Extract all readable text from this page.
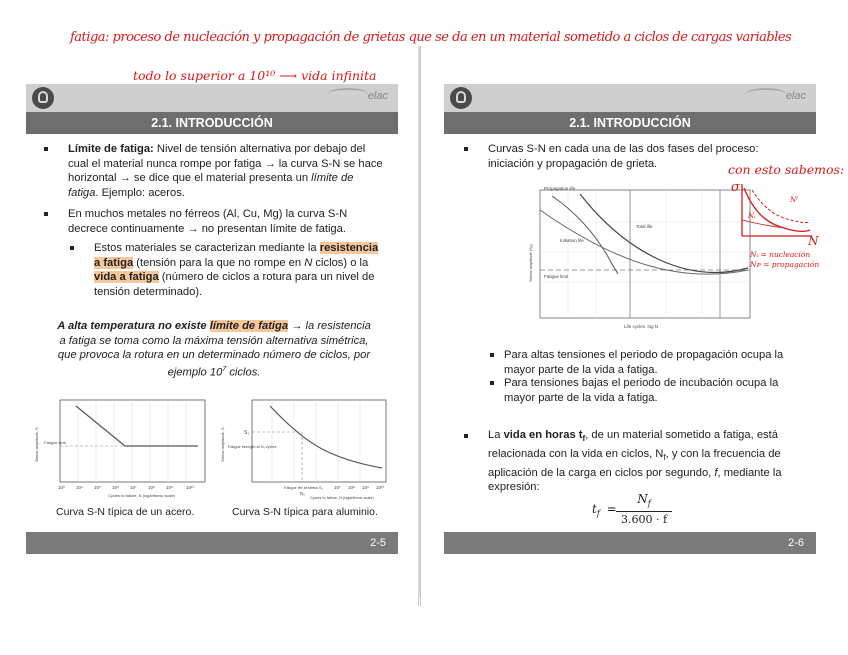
fatiga: proceso de nucleación y propagación de grietas que se da en un material sometido a ciclos de cargas variables
todo lo superior a 10¹⁰ ⟶ vida infinita
elac
2.1. INTRODUCCIÓN
Límite de fatiga: Nivel de tensión alternativa por debajo del cual el material nunca rompe por fatiga → la curva S-N se hace horizontal → se dice que el material presenta un límite de fatiga. Ejemplo: aceros.
En muchos metales no férreos (Al, Cu, Mg) la curva S-N decrece continuamente → no presentan límite de fatiga.
Estos materiales se caracterizan mediante la resistencia a fatiga (tensión para la que no rompe en N ciclos) o la vida a fatiga (número de ciclos a rotura para un nivel de tensión determinado).
A alta temperatura no existe límite de fatiga → la resistencia a fatiga se toma como la máxima tensión alternativa simétrica, que provoca la rotura en un determinado número de ciclos, por ejemplo $10^7$ ciclos.
Stress amplitude, S Fatigue limit
10³	10⁴ 10⁵ 10⁶ 10⁷	10⁸ 10⁹	10¹⁰
Cycles to failure, N (logarithmic scale)
Stress amplitude, S	S₁
Fatigue strength at N₁ cycles
Fatigue life at stress S₁ 10⁷ 10⁸ 10⁹ 10¹⁰
N₁
Cycles to failure, N (logarithmic scale)
Curva S-N típica de un acero.	Curva S-N típica para aluminio.
2-5
elac
2.1. INTRODUCCIÓN
Curvas S-N en cada una de las dos fases del proceso: iniciación y propagación de grieta.
Propagation life
Total life
Initiation life
Fatigue limit
Stress amplitude (Sₐ)
Life cycles, log N
con esto sabemos:
σ
Nᶠ
Nᵢ
N
Nᵢ = nucleación
Nᴩ = propagación
Para altas tensiones el periodo de propagación ocupa la mayor parte de la vida a fatiga.
Para tensiones bajas el periodo de incubación ocupa la mayor parte de la vida a fatiga.
La vida en horas $t_f$, de un material sometido a fatiga, está relacionada con la vida en ciclos, $N_f$, y con la frecuencia de aplicación de la carga en ciclos por segundo, f, mediante la expresión:
$t_f$ =
$N_f$
3.600 · f
2-6
